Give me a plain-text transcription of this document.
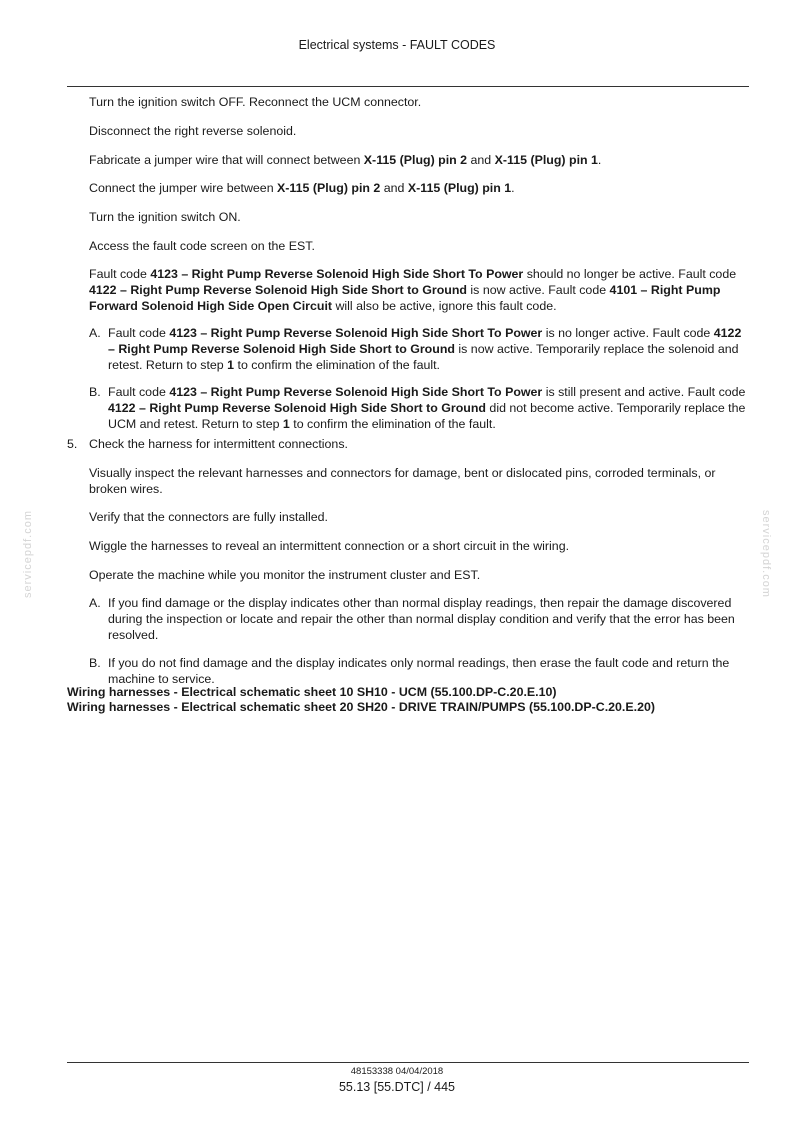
Electrical systems - FAULT CODES
Turn the ignition switch OFF. Reconnect the UCM connector.
Disconnect the right reverse solenoid.
Fabricate a jumper wire that will connect between X-115 (Plug) pin 2 and X-115 (Plug) pin 1.
Connect the jumper wire between X-115 (Plug) pin 2 and X-115 (Plug) pin 1.
Turn the ignition switch ON.
Access the fault code screen on the EST.
Fault code 4123 – Right Pump Reverse Solenoid High Side Short To Power should no longer be active. Fault code 4122 – Right Pump Reverse Solenoid High Side Short to Ground is now active. Fault code 4101 – Right Pump Forward Solenoid High Side Open Circuit will also be active, ignore this fault code.
A. Fault code 4123 – Right Pump Reverse Solenoid High Side Short To Power is no longer active. Fault code 4122 – Right Pump Reverse Solenoid High Side Short to Ground is now active. Temporarily replace the solenoid and retest. Return to step 1 to confirm the elimination of the fault.
B. Fault code 4123 – Right Pump Reverse Solenoid High Side Short To Power is still present and active. Fault code 4122 – Right Pump Reverse Solenoid High Side Short to Ground did not become active. Temporarily replace the UCM and retest. Return to step 1 to confirm the elimination of the fault.
5. Check the harness for intermittent connections.
Visually inspect the relevant harnesses and connectors for damage, bent or dislocated pins, corroded terminals, or broken wires.
Verify that the connectors are fully installed.
Wiggle the harnesses to reveal an intermittent connection or a short circuit in the wiring.
Operate the machine while you monitor the instrument cluster and EST.
A. If you find damage or the display indicates other than normal display readings, then repair the damage discovered during the inspection or locate and repair the other than normal display condition and verify that the error has been resolved.
B. If you do not find damage and the display indicates only normal readings, then erase the fault code and return the machine to service.
Wiring harnesses - Electrical schematic sheet 10 SH10 - UCM (55.100.DP-C.20.E.10)
Wiring harnesses - Electrical schematic sheet 20 SH20 - DRIVE TRAIN/PUMPS (55.100.DP-C.20.E.20)
servicepdf.com	servicepdf.com
48153338 04/04/2018
55.13 [55.DTC] / 445
